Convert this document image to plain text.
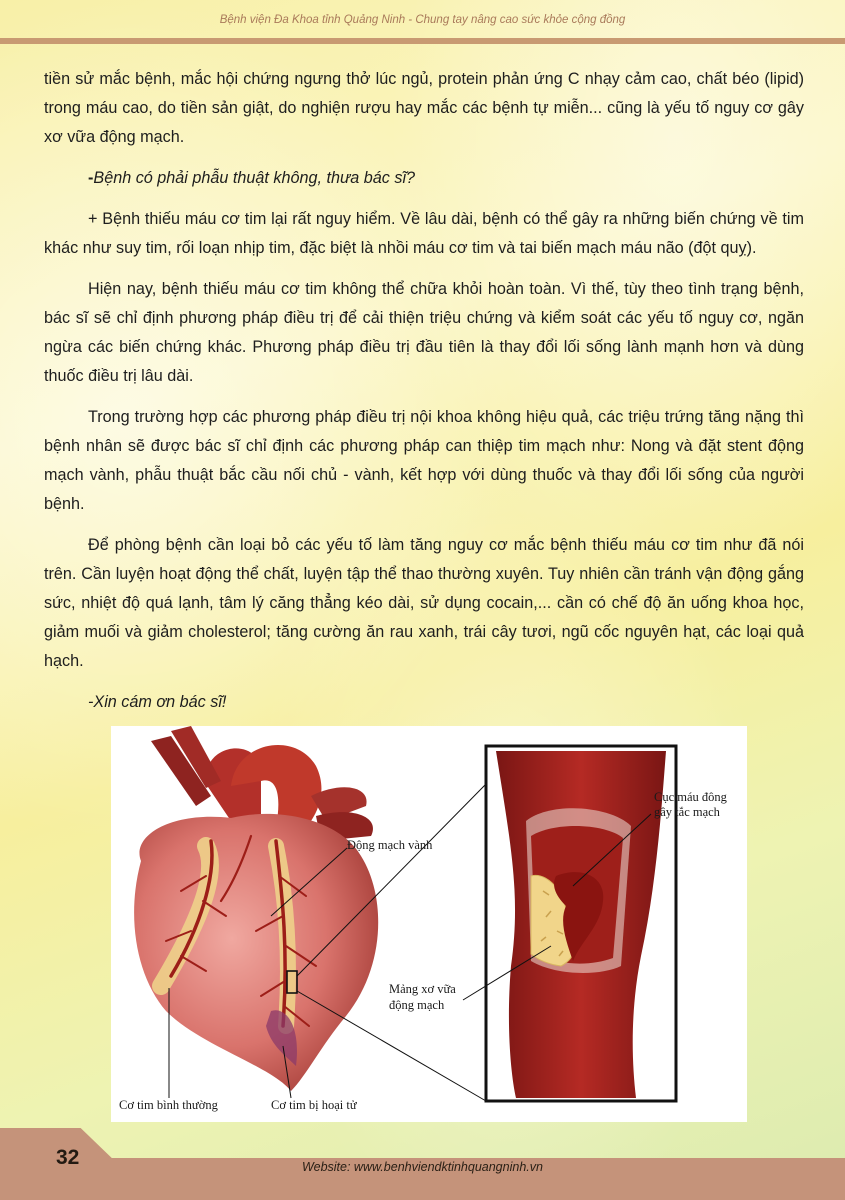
Bệnh viện Đa Khoa tỉnh Quảng Ninh - Chung tay nâng cao sức khỏe cộng đồng

tiền sử mắc bệnh, mắc hội chứng ngưng thở lúc ngủ, protein phản ứng C nhạy cảm cao, chất béo (lipid) trong máu cao, do tiền sản giật, do nghiện rượu hay mắc các bệnh tự miễn... cũng là yếu tố nguy cơ gây xơ vữa động mạch.

-Bệnh có phải phẫu thuật không, thưa bác sĩ?

+ Bệnh thiếu máu cơ tim lại rất nguy hiểm. Về lâu dài, bệnh có thể gây ra những biến chứng về tim khác như suy tim, rối loạn nhịp tim, đặc biệt là nhồi máu cơ tim và tai biến mạch máu não (đột quỵ).

Hiện nay, bệnh thiếu máu cơ tim không thể chữa khỏi hoàn toàn. Vì thế, tùy theo tình trạng bệnh, bác sĩ sẽ chỉ định phương pháp điều trị để cải thiện triệu chứng và kiểm soát các yếu tố nguy cơ, ngăn ngừa các biến chứng khác. Phương pháp điều trị đầu tiên là thay đổi lối sống lành mạnh hơn và dùng thuốc điều trị lâu dài.

Trong trường hợp các phương pháp điều trị nội khoa không hiệu quả, các triệu trứng tăng nặng thì bệnh nhân sẽ được bác sĩ chỉ định các phương pháp can thiệp tim mạch như: Nong và đặt stent động mạch vành, phẫu thuật bắc cầu nối chủ - vành, kết hợp với dùng thuốc và thay đổi lối sống của người bệnh.

Để phòng bệnh cần loại bỏ các yếu tố làm tăng nguy cơ mắc bệnh thiếu máu cơ tim như đã nói trên. Cần luyện hoạt động thể chất, luyện tập thể thao thường xuyên. Tuy nhiên cần tránh vận động gắng sức, nhiệt độ quá lạnh, tâm lý căng thẳng kéo dài, sử dụng cocain,... cần có chế độ ăn uống khoa học, giảm muối và giảm cholesterol; tăng cường ăn rau xanh, trái cây tươi, ngũ cốc nguyên hạt, các loại quả hạch.

-Xin cám ơn bác sĩ!

Động mạch vành
Cục máu đông
gây tắc mạch
Mảng xơ vữa
động mạch
Cơ tim bình thường	Cơ tim bị hoại tử
32	Website: www.benhviendktinhquangninh.vn
